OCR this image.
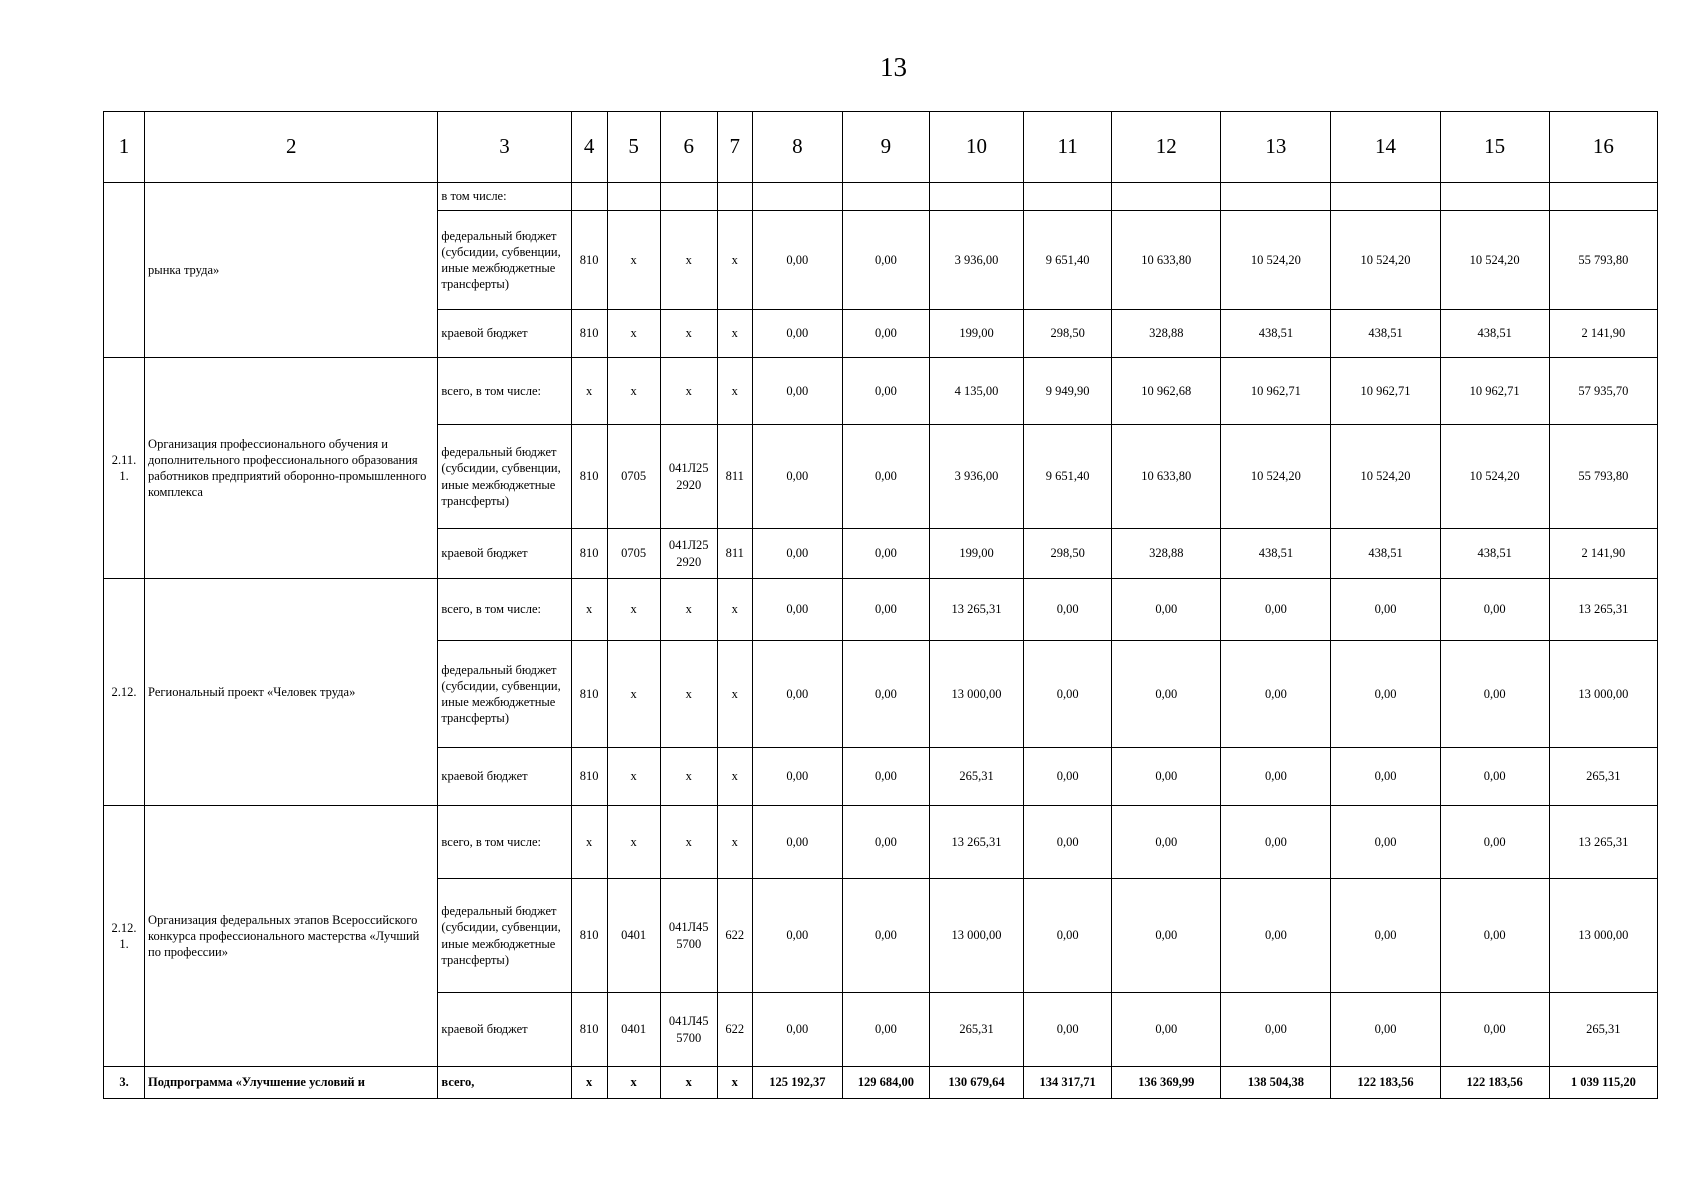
13
1	2	3	4	5	6	7	8	9	10	11	12	13	14	15	16
	рынка труда»	в том числе:													
		федеральный бюджет (субсидии, субвенции, иные межбюджетные трансферты)	810	х	х	х	0,00	0,00	3 936,00	9 651,40	10 633,80	10 524,20	10 524,20	10 524,20	55 793,80
		краевой бюджет	810	х	х	х	0,00	0,00	199,00	298,50	328,88	438,51	438,51	438,51	2 141,90
2.11. 1.	Организация профессионального обучения и дополнительного профессионального образования работников предприятий оборонно-промышленного комплекса	всего, в том числе:	х	х	х	х	0,00	0,00	4 135,00	9 949,90	10 962,68	10 962,71	10 962,71	10 962,71	57 935,70
		федеральный бюджет (субсидии, субвенции, иные межбюджетные трансферты)	810	0705	041Л25 2920	811	0,00	0,00	3 936,00	9 651,40	10 633,80	10 524,20	10 524,20	10 524,20	55 793,80
		краевой бюджет	810	0705	041Л25 2920	811	0,00	0,00	199,00	298,50	328,88	438,51	438,51	438,51	2 141,90
2.12.	Региональный проект «Человек труда»	всего, в том числе:	х	х	х	х	0,00	0,00	13 265,31	0,00	0,00	0,00	0,00	0,00	13 265,31
		федеральный бюджет (субсидии, субвенции, иные межбюджетные трансферты)	810	х	х	х	0,00	0,00	13 000,00	0,00	0,00	0,00	0,00	0,00	13 000,00
		краевой бюджет	810	х	х	х	0,00	0,00	265,31	0,00	0,00	0,00	0,00	0,00	265,31
2.12. 1.	Организация федеральных этапов Всероссийского конкурса профессионального мастерства «Лучший по профессии»	всего, в том числе:	х	х	х	х	0,00	0,00	13 265,31	0,00	0,00	0,00	0,00	0,00	13 265,31
		федеральный бюджет (субсидии, субвенции, иные межбюджетные трансферты)	810	0401	041Л45 5700	622	0,00	0,00	13 000,00	0,00	0,00	0,00	0,00	0,00	13 000,00
		краевой бюджет	810	0401	041Л45 5700	622	0,00	0,00	265,31	0,00	0,00	0,00	0,00	0,00	265,31
3.	Подпрограмма «Улучшение условий и	всего,	х	х	х	х	125 192,37	129 684,00	130 679,64	134 317,71	136 369,99	138 504,38	122 183,56	122 183,56	1 039 115,20
